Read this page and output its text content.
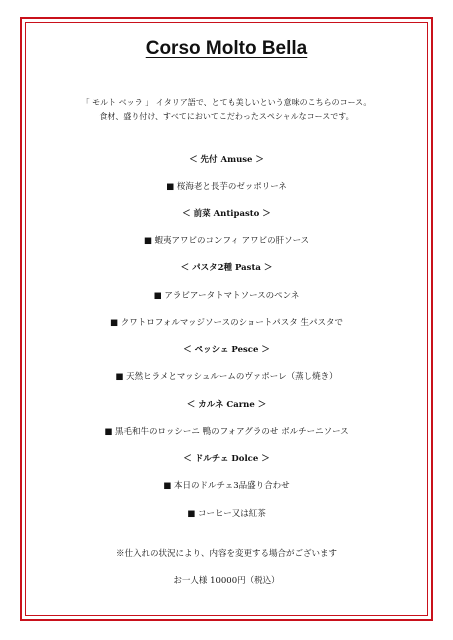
Corso Molto Bella
「 モルト ベッラ 」 イタリア語で、とても美しいという意味のこちらのコース。
食材、盛り付け、すべてにおいてこだわったスペシャルなコースです。
＜ 先付 Amuse ＞
■ 桜海老と長芋のゼッポリーネ
＜ 前菜 Antipasto ＞
■ 蝦夷アワビのコンフィ アワビの肝ソース
＜ パスタ2種 Pasta ＞
■ アラビアータトマトソースのペンネ
■ クワトロフォルマッジソースのショートパスタ 生パスタで
＜ ペッシェ Pesce ＞
■ 天然ヒラメとマッシュルームのヴァポーレ（蒸し焼き）
＜ カルネ Carne ＞
■ 黒毛和牛のロッシーニ 鴨のフォアグラのせ ボルチーニソース
＜ ドルチェ Dolce ＞
■ 本日のドルチェ3品盛り合わせ
■ コーヒー又は紅茶
※仕入れの状況により、内容を変更する場合がございます
お一人様 10000円（税込）
